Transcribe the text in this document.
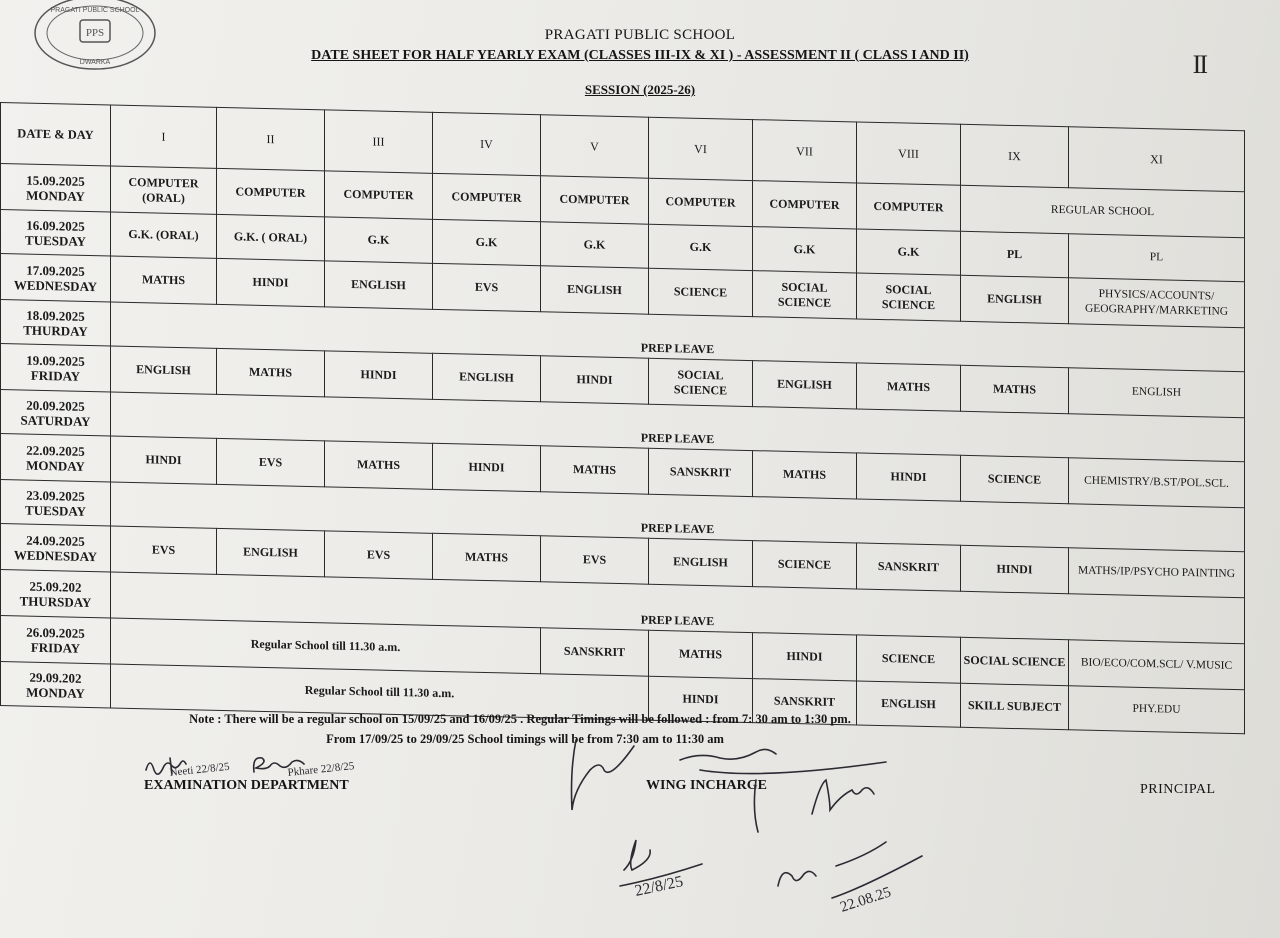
PPS
PRAGATI PUBLIC SCHOOL
DWARKA
PRAGATI PUBLIC SCHOOL
DATE SHEET FOR HALF YEARLY EXAM (CLASSES III-IX & XI ) - ASSESSMENT II ( CLASS I AND II)
SESSION (2025-26)
II
DATE & DAY	I	II	III	IV	V	VI	VII	VIII	IX	XI

15.09.2025
MONDAY	COMPUTER (ORAL)	COMPUTER	COMPUTER	COMPUTER	COMPUTER	COMPUTER	COMPUTER	COMPUTER	REGULAR SCHOOL	

16.09.2025
TUESDAY	G.K. (ORAL)	G.K. ( ORAL)	G.K	G.K	G.K	G.K	G.K	G.K	PL	PL

17.09.2025
WEDNESDAY	MATHS	HINDI	ENGLISH	EVS	ENGLISH	SCIENCE	SOCIAL SCIENCE	SOCIAL SCIENCE	ENGLISH	PHYSICS/ACCOUNTS/ GEOGRAPHY/MARKETING

18.09.2025
THURDAY	PREP LEAVE									

19.09.2025
FRIDAY	ENGLISH	MATHS	HINDI	ENGLISH	HINDI	SOCIAL SCIENCE	ENGLISH	MATHS	MATHS	ENGLISH

20.09.2025
SATURDAY	PREP LEAVE									

22.09.2025
MONDAY	HINDI	EVS	MATHS	HINDI	MATHS	SANSKRIT	MATHS	HINDI	SCIENCE	CHEMISTRY/B.ST/POL.SCL.

23.09.2025
TUESDAY	PREP LEAVE									

24.09.2025
WEDNESDAY	EVS	ENGLISH	EVS	MATHS	EVS	ENGLISH	SCIENCE	SANSKRIT	HINDI	MATHS/IP/PSYCHO PAINTING

25.09.202
THURSDAY	PREP LEAVE									

26.09.2025
FRIDAY	Regular School till 11.30 a.m.				SANSKRIT	MATHS	HINDI	SCIENCE	SOCIAL SCIENCE	BIO/ECO/COM.SCL/ V.MUSIC

29.09.202
MONDAY	Regular School till 11.30 a.m.					HINDI	SANSKRIT	ENGLISH	SKILL SUBJECT	PHY.EDU
Note : There will be a regular school on 15/09/25 and 16/09/25 . Regular Timings will be followed : from 7: 30 am to 1:30 pm.
From 17/09/25 to 29/09/25 School timings will be from 7:30 am to 11:30 am
EXAMINATION DEPARTMENT	WING INCHARGE	PRINCIPAL
Neeti 22/8/25	Pkhare 22/8/25
22/8/25	22.08.25
